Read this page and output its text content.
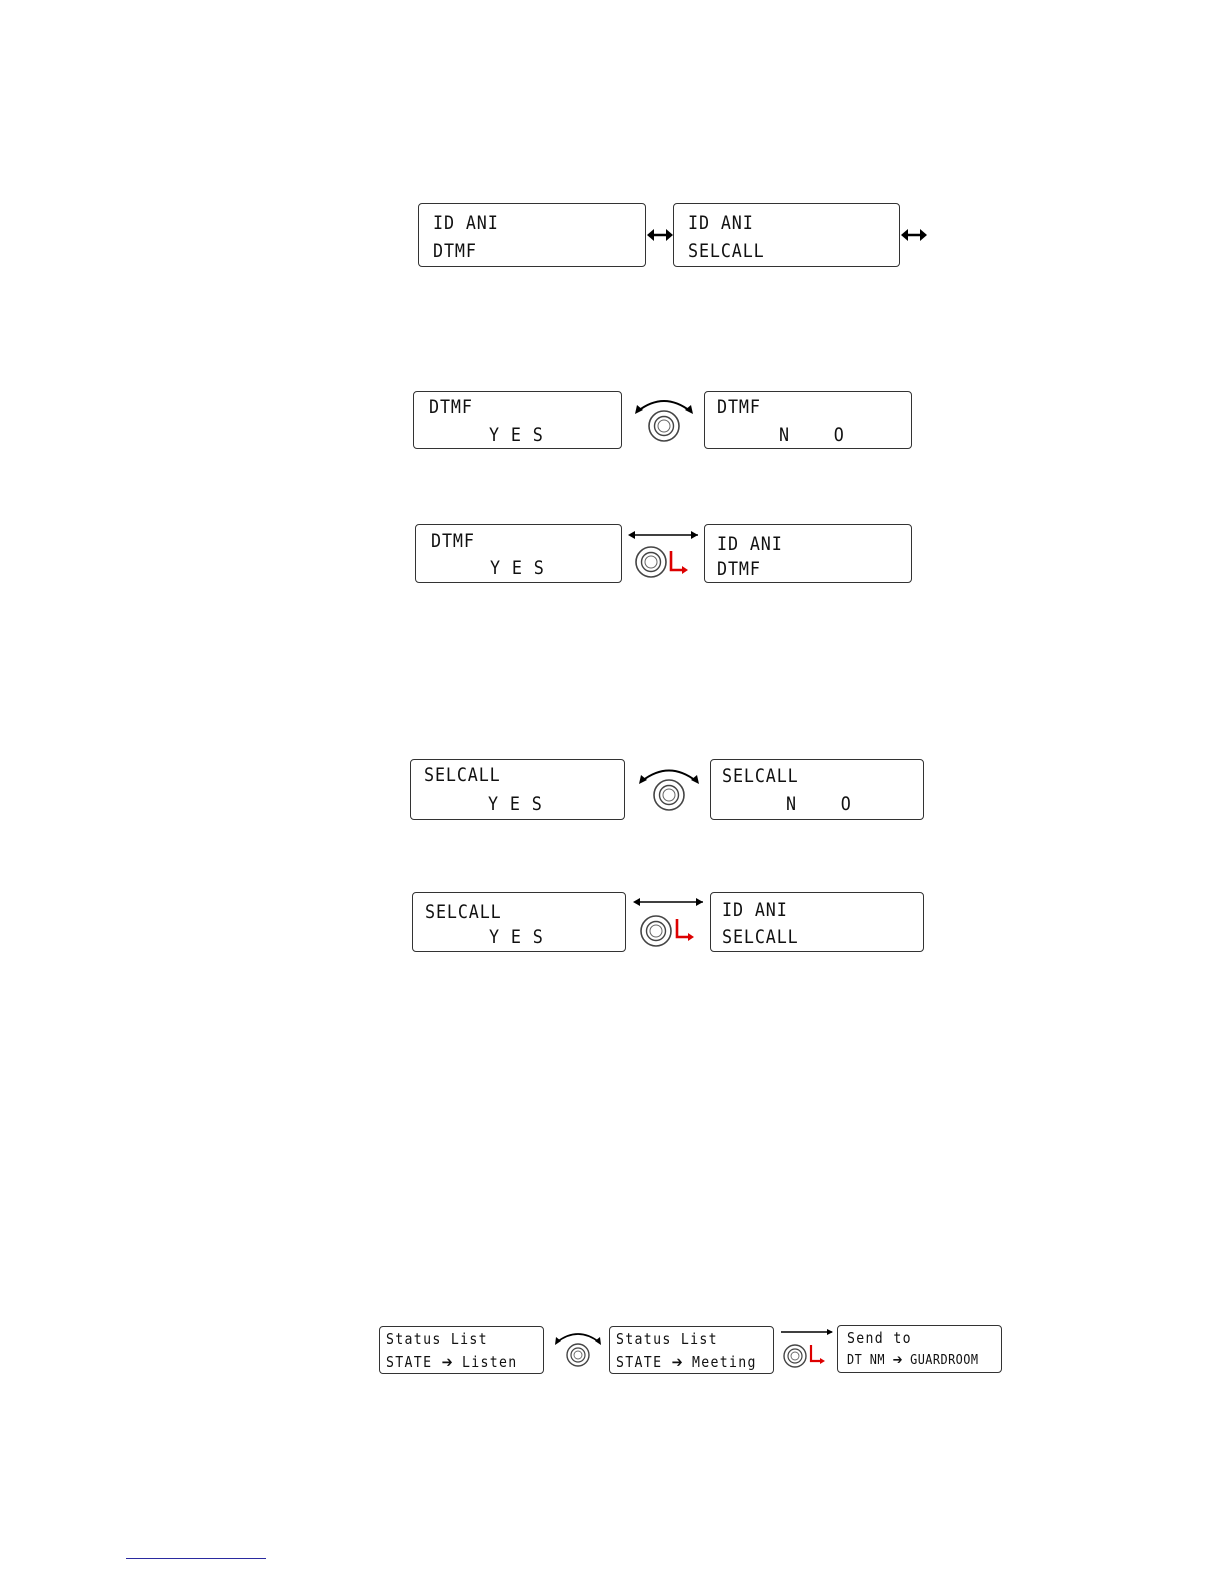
ID ANI
DTMF
ID ANI
SELCALL
DTMF
Y E S
DTMF
N    O
DTMF
Y E S
ID ANI
DTMF
SELCALL
Y E S
SELCALL
N    O
SELCALL
Y E S
ID ANI
SELCALL
Status List
STATE ➔ Listen
Status List
STATE ➔ Meeting
Send to
DT NM ➔ GUARDROOM
